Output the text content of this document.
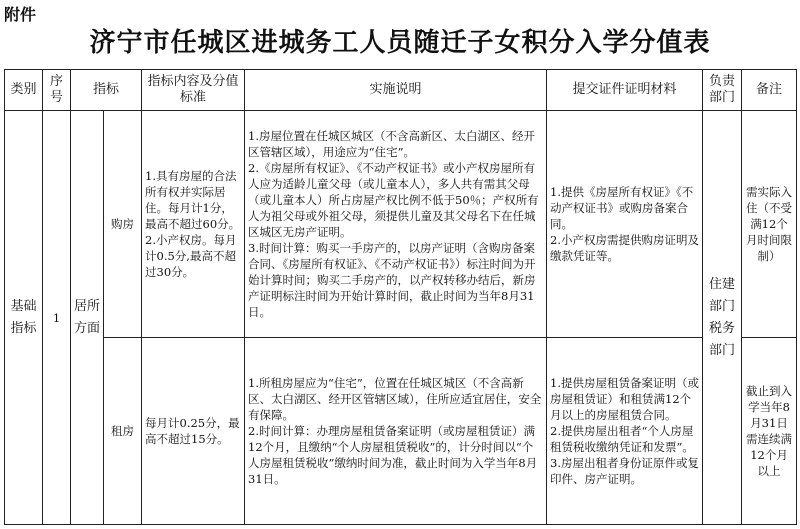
附件
济宁市任城区进城务工人员随迁子女积分入学分值表
类别	序号	指标		指标内容及分值标准	实施说明	提交证件证明材料	负责部门	备注
基础指标	1	居所方面	购房	1.具有房屋的合法所有权并实际居住。每月计1分，最高不超过60分。
2.小产权房。每月计0.5分,最高不超过30分。	1.房屋位置在任城区城区（不含高新区、太白湖区、经开区管辖区域），用途应为“住宅”。
2.《房屋所有权证》、《不动产权证书》或小产权房屋所有人应为适龄儿童父母（或儿童本人），多人共有需其父母（或儿童本人）所占房屋产权比例不低于50％；产权所有人为祖父母或外祖父母，须提供儿童及其父母名下在任城区城区无房产证明。
3.时间计算：购买一手房产的，以房产证明（含购房备案合同、《房屋所有权证》、《不动产权证书》）标注时间为开始计算时间；购买二手房产的，以产权转移办结后，新房产证明标注时间为开始计算时间，截止时间为当年8月31日。	1.提供《房屋所有权证》《不动产权证书》或购房备案合同。
2.小产权房需提供购房证明及缴款凭证等。	住建部门税务部门	需实际入住（不受满12个月时间限制）
			租房	每月计0.25分，最高不超过15分。	1.所租房屋应为“住宅”，位置在任城区城区（不含高新区、太白湖区、经开区管辖区域），住所应适宜居住，安全有保障。
2.时间计算：办理房屋租赁备案证明（或房屋租赁证）满12个月，且缴纳“个人房屋租赁税收”的，计分时间以“个人房屋租赁税收”缴纳时间为准，截止时间为入学当年8月31日。	1.提供房屋租赁备案证明（或房屋租赁证）和租赁满12个月以上的房屋租赁合同。
2.提供房屋出租者“个人房屋租赁税收缴纳凭证和发票”。
3.房屋出租者身份证原件或复印件、房产证明。		截止到入学当年8月31日需连续满12个月以上
